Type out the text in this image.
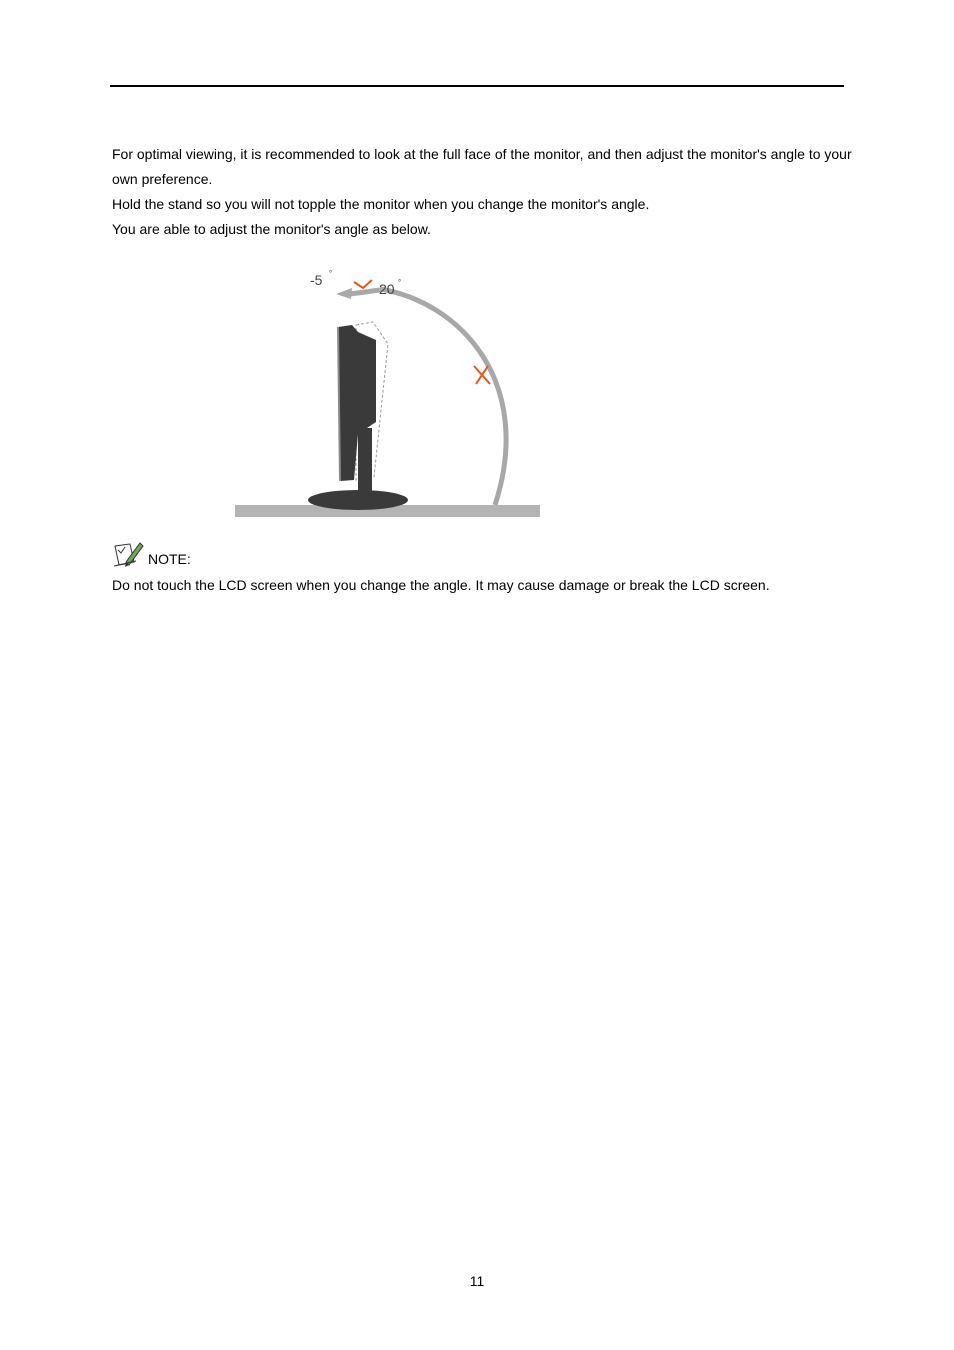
For optimal viewing, it is recommended to look at the full face of the monitor, and then adjust the monitor's angle to your own preference.

Hold the stand so you will not topple the monitor when you change the monitor's angle.

You are able to adjust the monitor's angle as below.

-5 °
20 °
NOTE:

Do not touch the LCD screen when you change the angle. It may cause damage or break the LCD screen.

11
